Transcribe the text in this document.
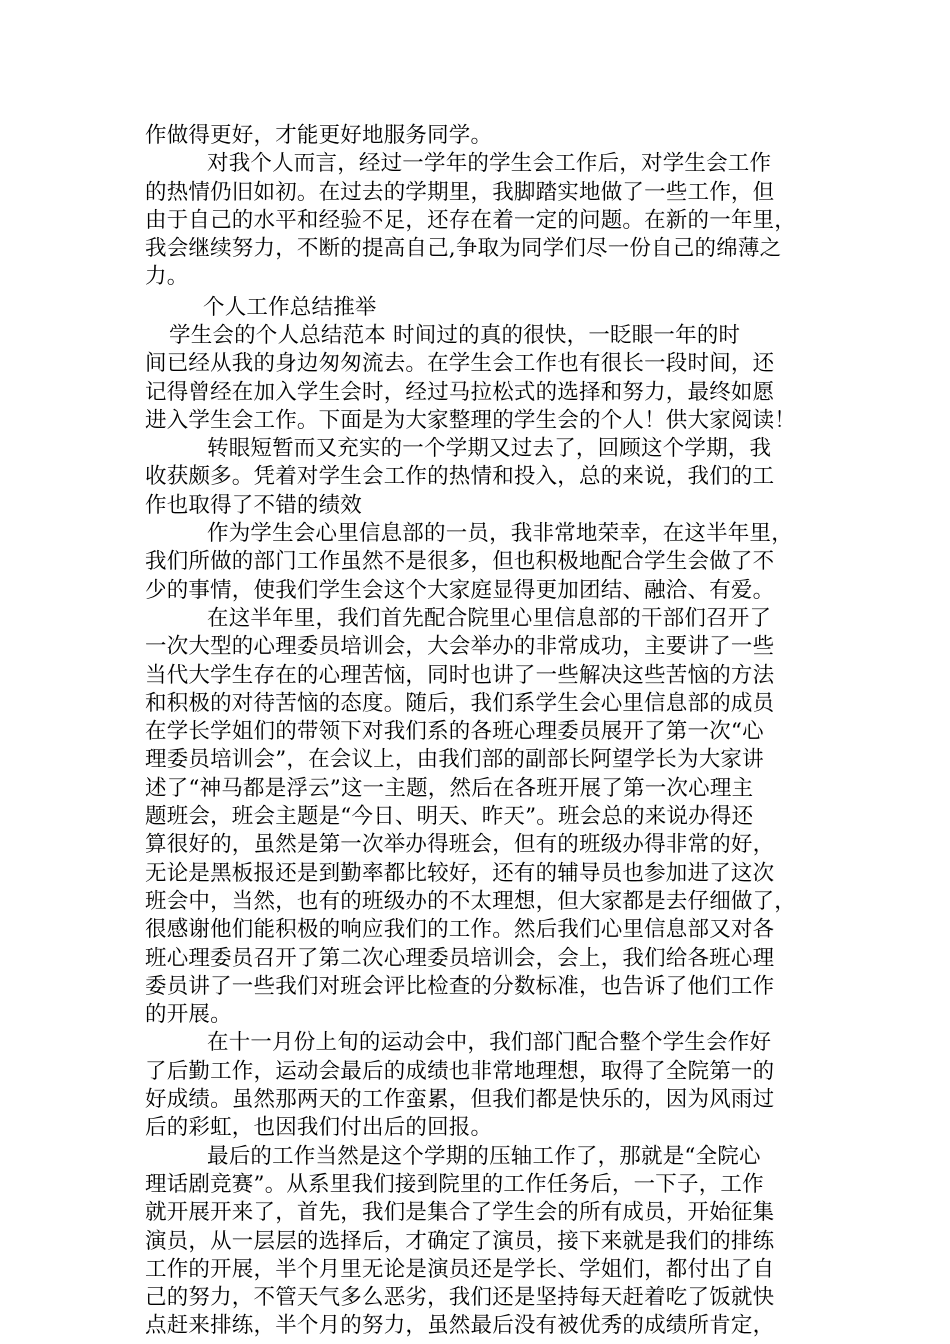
作做得更好，才能更好地服务同学。
对我个人而言，经过一学年的学生会工作后，对学生会工作
的热情仍旧如初。在过去的学期里，我脚踏实地做了一些工作，但
由于自己的水平和经验不足，还存在着一定的问题。在新的一年里，
我会继续努力，不断的提高自己,争取为同学们尽一份自己的绵薄之
力。
个人工作总结推举
学生会的个人总结范本 时间过的真的很快，一眨眼一年的时
间已经从我的身边匆匆流去。在学生会工作也有很长一段时间，还
记得曾经在加入学生会时，经过马拉松式的选择和努力，最终如愿
进入学生会工作。下面是为大家整理的学生会的个人！供大家阅读！
转眼短暂而又充实的一个学期又过去了，回顾这个学期，我
收获颇多。凭着对学生会工作的热情和投入，总的来说，我们的工
作也取得了不错的绩效
作为学生会心里信息部的一员，我非常地荣幸，在这半年里，
我们所做的部门工作虽然不是很多，但也积极地配合学生会做了不
少的事情，使我们学生会这个大家庭显得更加团结、融洽、有爱。
在这半年里，我们首先配合院里心里信息部的干部们召开了
一次大型的心理委员培训会，大会举办的非常成功，主要讲了一些
当代大学生存在的心理苦恼，同时也讲了一些解决这些苦恼的方法
和积极的对待苦恼的态度。随后，我们系学生会心里信息部的成员
在学长学姐们的带领下对我们系的各班心理委员展开了第一次“心
理委员培训会”，在会议上，由我们部的副部长阿望学长为大家讲
述了“神马都是浮云”这一主题，然后在各班开展了第一次心理主
题班会，班会主题是“今日、明天、昨天”。班会总的来说办得还
算很好的，虽然是第一次举办得班会，但有的班级办得非常的好，
无论是黑板报还是到勤率都比较好，还有的辅导员也参加进了这次
班会中，当然，也有的班级办的不太理想，但大家都是去仔细做了，
很感谢他们能积极的响应我们的工作。然后我们心里信息部又对各
班心理委员召开了第二次心理委员培训会，会上，我们给各班心理
委员讲了一些我们对班会评比检查的分数标准，也告诉了他们工作
的开展。
在十一月份上旬的运动会中，我们部门配合整个学生会作好
了后勤工作，运动会最后的成绩也非常地理想，取得了全院第一的
好成绩。虽然那两天的工作蛮累，但我们都是快乐的，因为风雨过
后的彩虹，也因我们付出后的回报。
最后的工作当然是这个学期的压轴工作了，那就是“全院心
理话剧竞赛”。从系里我们接到院里的工作任务后，一下子，工作
就开展开来了，首先，我们是集合了学生会的所有成员，开始征集
演员，从一层层的选择后，才确定了演员，接下来就是我们的排练
工作的开展，半个月里无论是演员还是学长、学姐们，都付出了自
己的努力，不管天气多么恶劣，我们还是坚持每天赶着吃了饭就快
点赶来排练，半个月的努力，虽然最后没有被优秀的成绩所肯定，
